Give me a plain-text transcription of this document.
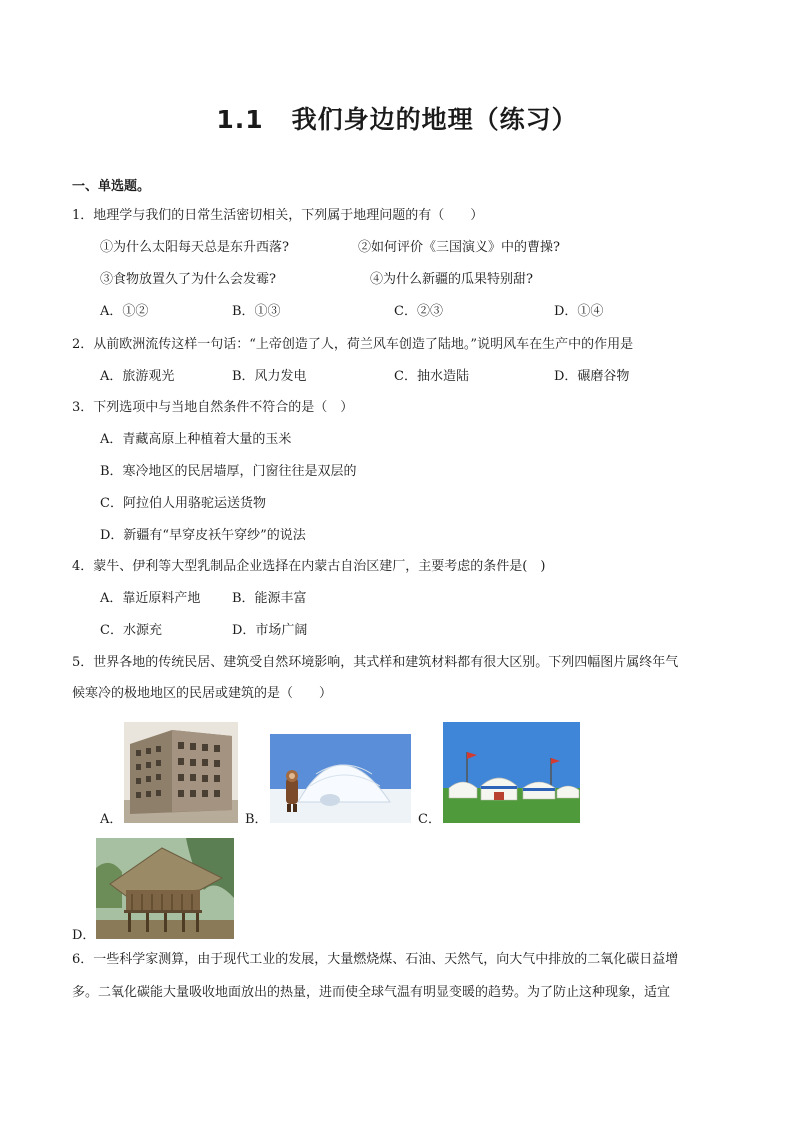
1.1 我们身边的地理（练习）
一、单选题。
1．地理学与我们的日常生活密切相关，下列属于地理问题的有（　　）
①为什么太阳每天总是东升西落?	②如何评价《三国演义》中的曹操?
③食物放置久了为什么会发霉?	④为什么新疆的瓜果特别甜?
A．①②	B．①③	C．②③	D．①④
2．从前欧洲流传这样一句话：“上帝创造了人，荷兰风车创造了陆地。”说明风车在生产中的作用是
A．旅游观光	B．风力发电	C．抽水造陆	D．碾磨谷物
3．下列选项中与当地自然条件不符合的是（　）
A．青藏高原上种植着大量的玉米
B．寒冷地区的民居墙厚，门窗往往是双层的
C．阿拉伯人用骆驼运送货物
D．新疆有“早穿皮袄午穿纱”的说法
4．蒙牛、伊利等大型乳制品企业选择在内蒙古自治区建厂，主要考虑的条件是(　)
A．靠近原料产地 B．能源丰富
C．水源充	D．市场广阔
5．世界各地的传统民居、建筑受自然环境影响，其式样和建筑材料都有很大区别。下列四幅图片属终年气
候寒冷的极地地区的民居或建筑的是（　　）
A．	B．	C．
D．
6．一些科学家测算，由于现代工业的发展，大量燃烧煤、石油、天然气，向大气中排放的二氧化碳日益增
多。二氧化碳能大量吸收地面放出的热量，进而使全球气温有明显变暖的趋势。为了防止这种现象，适宜
